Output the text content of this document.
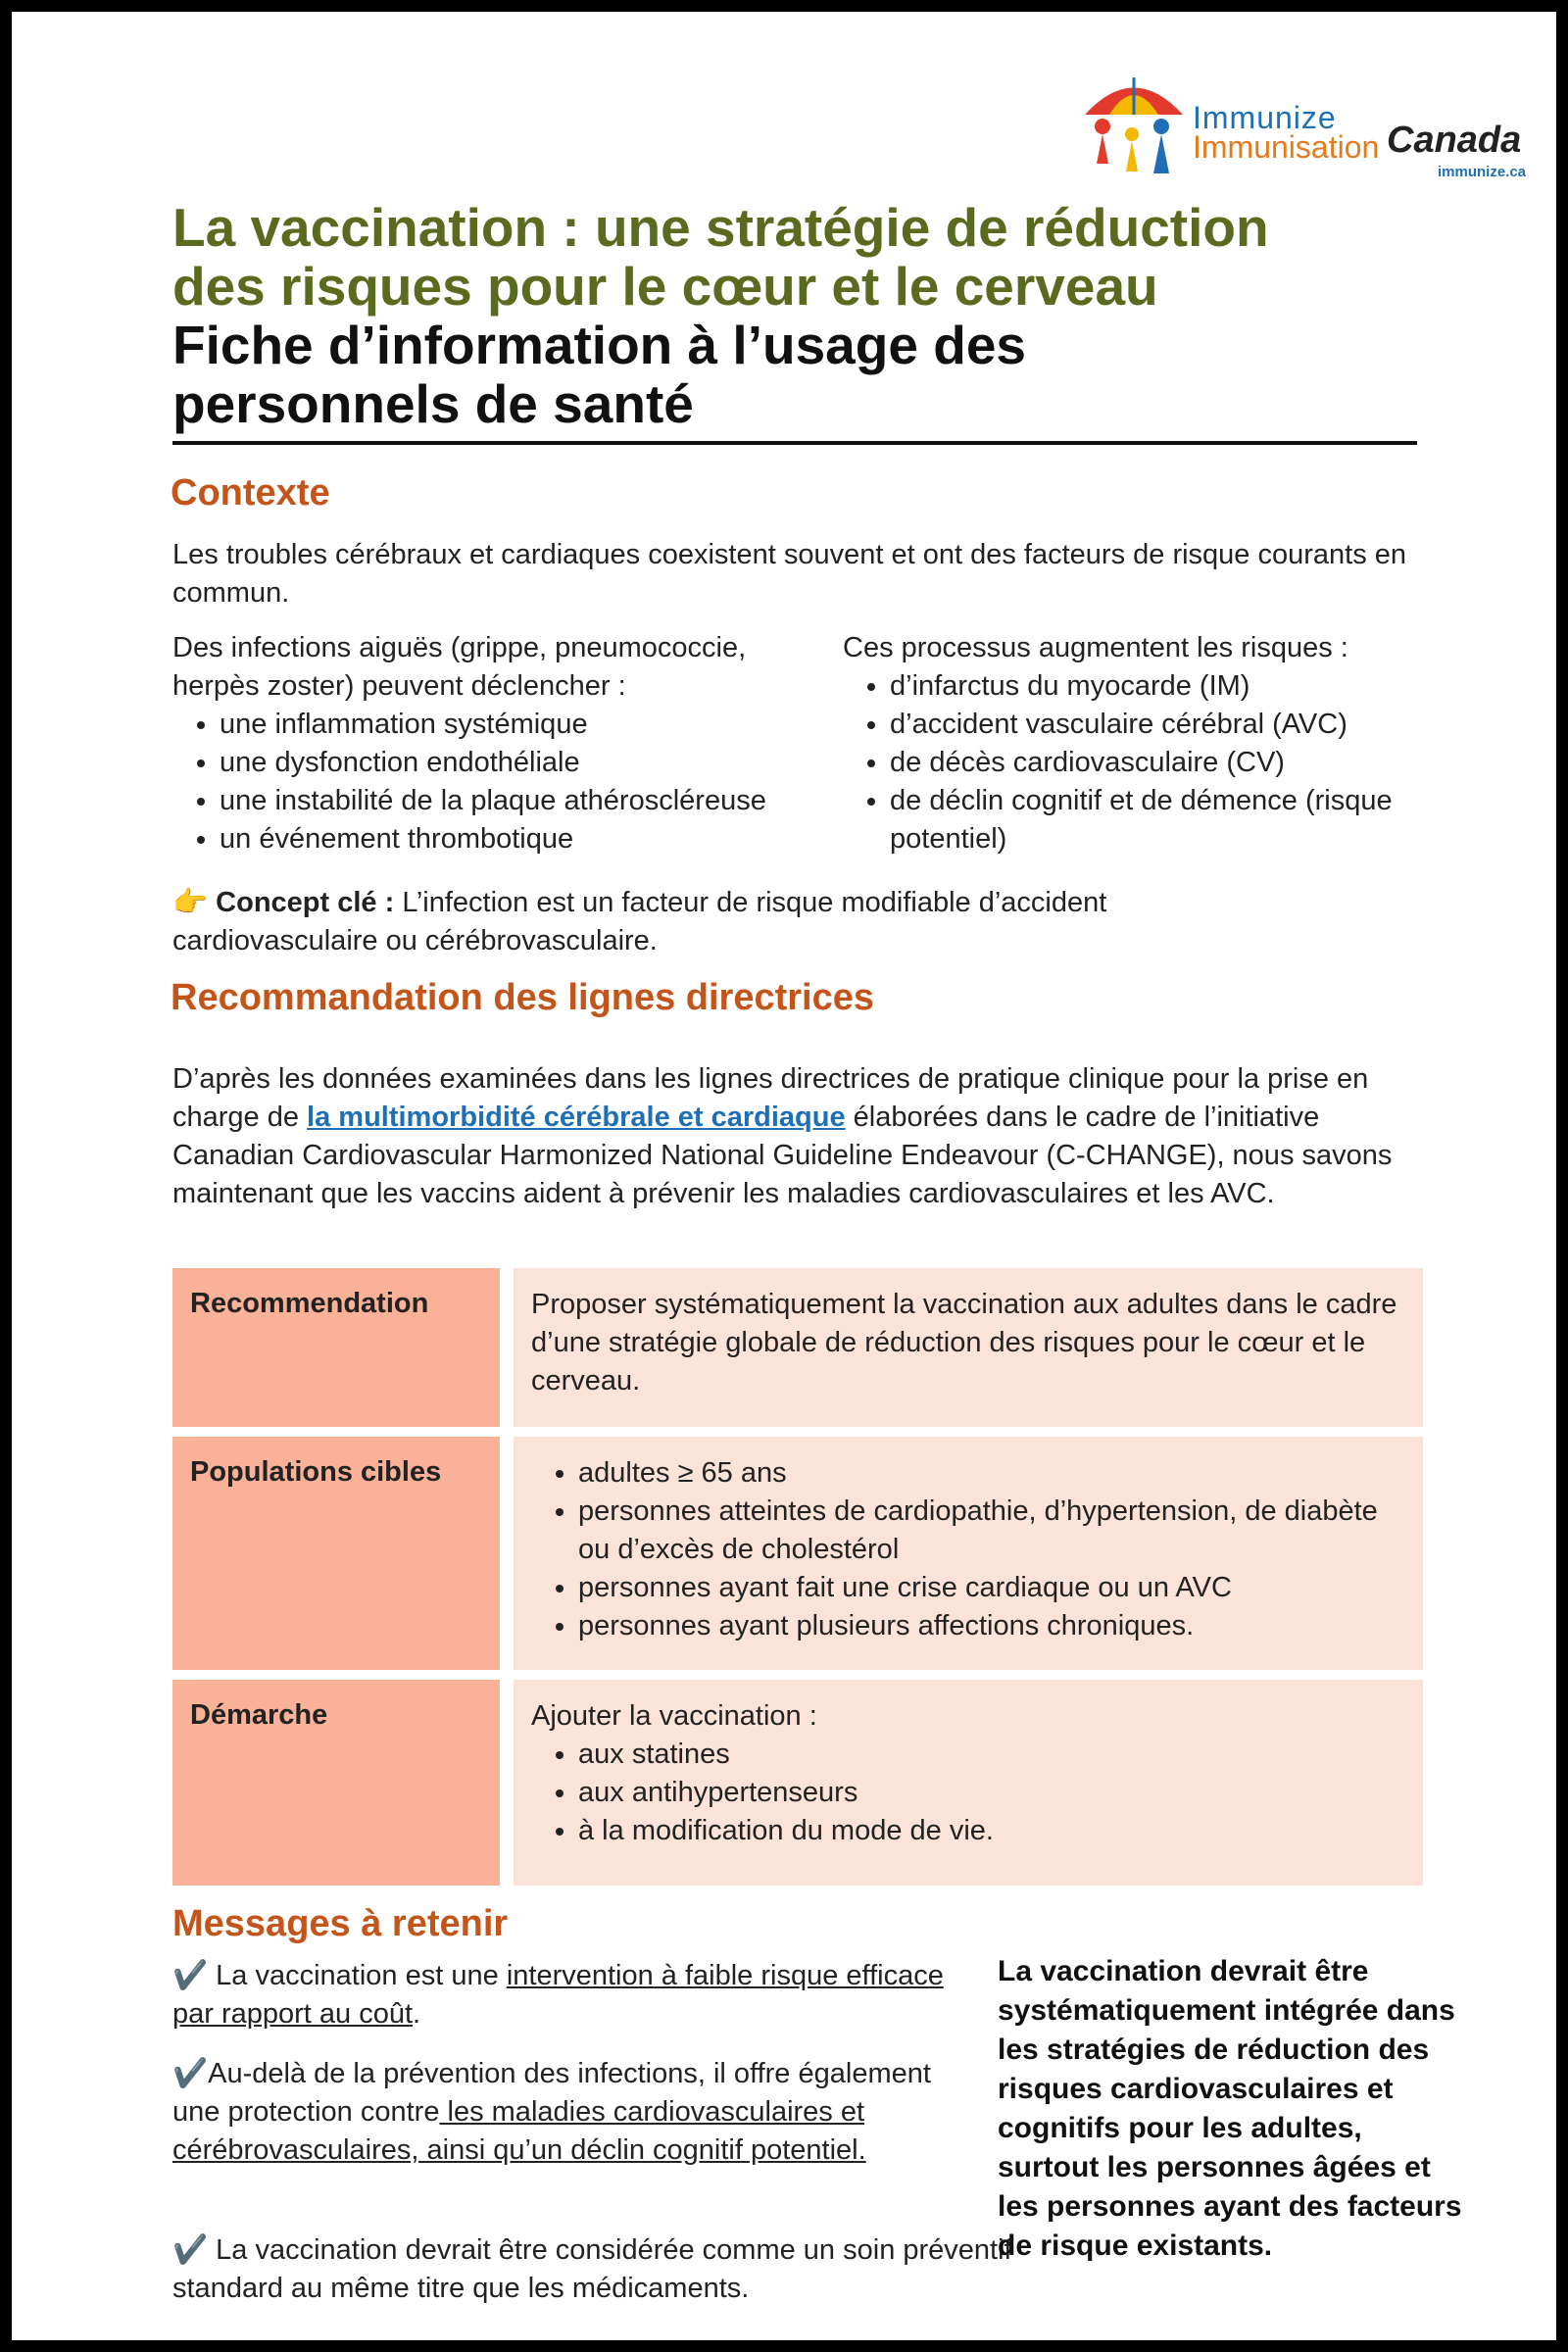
Immunize
Immunisation Canada
immunize.ca
La vaccination : une stratégie de réduction
des risques pour le cœur et le cerveau
Fiche d’information à l’usage des
personnels de santé
Contexte

Les troubles cérébraux et cardiaques coexistent souvent et ont des facteurs de risque courants en commun.

Des infections aiguës (grippe, pneumococcie, herpès zoster) peuvent déclencher :
• une inflammation systémique
• une dysfonction endothéliale
• une instabilité de la plaque athéroscléreuse
• un événement thrombotique
Ces processus augmentent les risques :
• d’infarctus du myocarde (IM)
• d’accident vasculaire cérébral (AVC)
• de décès cardiovasculaire (CV)
• de déclin cognitif et de démence (risque potentiel)

👉 Concept clé : L’infection est un facteur de risque modifiable d’accident cardiovasculaire ou cérébrovasculaire.

Recommandation des lignes directrices

D’après les données examinées dans les lignes directrices de pratique clinique pour la prise en charge de la multimorbidité cérébrale et cardiaque élaborées dans le cadre de l’initiative Canadian Cardiovascular Harmonized National Guideline Endeavour (C-CHANGE), nous savons maintenant que les vaccins aident à prévenir les maladies cardiovasculaires et les AVC.

Recommendation	Proposer systématiquement la vaccination aux adultes dans le cadre d’une stratégie globale de réduction des risques pour le cœur et le cerveau.
Populations cibles
•	adultes ≥ 65 ans
• personnes atteintes de cardiopathie, d’hypertension, de diabète ou d’excès de cholestérol
• personnes ayant fait une crise cardiaque ou un AVC
• personnes ayant plusieurs affections chroniques.
Démarche	Ajouter la vaccination :
• aux statines
• aux antihypertenseurs
• à la modification du mode de vie.
Messages à retenir

✔️ La vaccination est une intervention à faible risque efficace par rapport au coût.

✔️Au-delà de la prévention des infections, il offre également une protection contre les maladies cardiovasculaires et cérébrovasculaires, ainsi qu’un déclin cognitif potentiel.

✔️ La vaccination devrait être considérée comme un soin préventif standard au même titre que les médicaments.

La vaccination devrait être systématiquement intégrée dans les stratégies de réduction des risques cardiovasculaires et cognitifs pour les adultes, surtout les personnes âgées et les personnes ayant des facteurs de risque existants.
